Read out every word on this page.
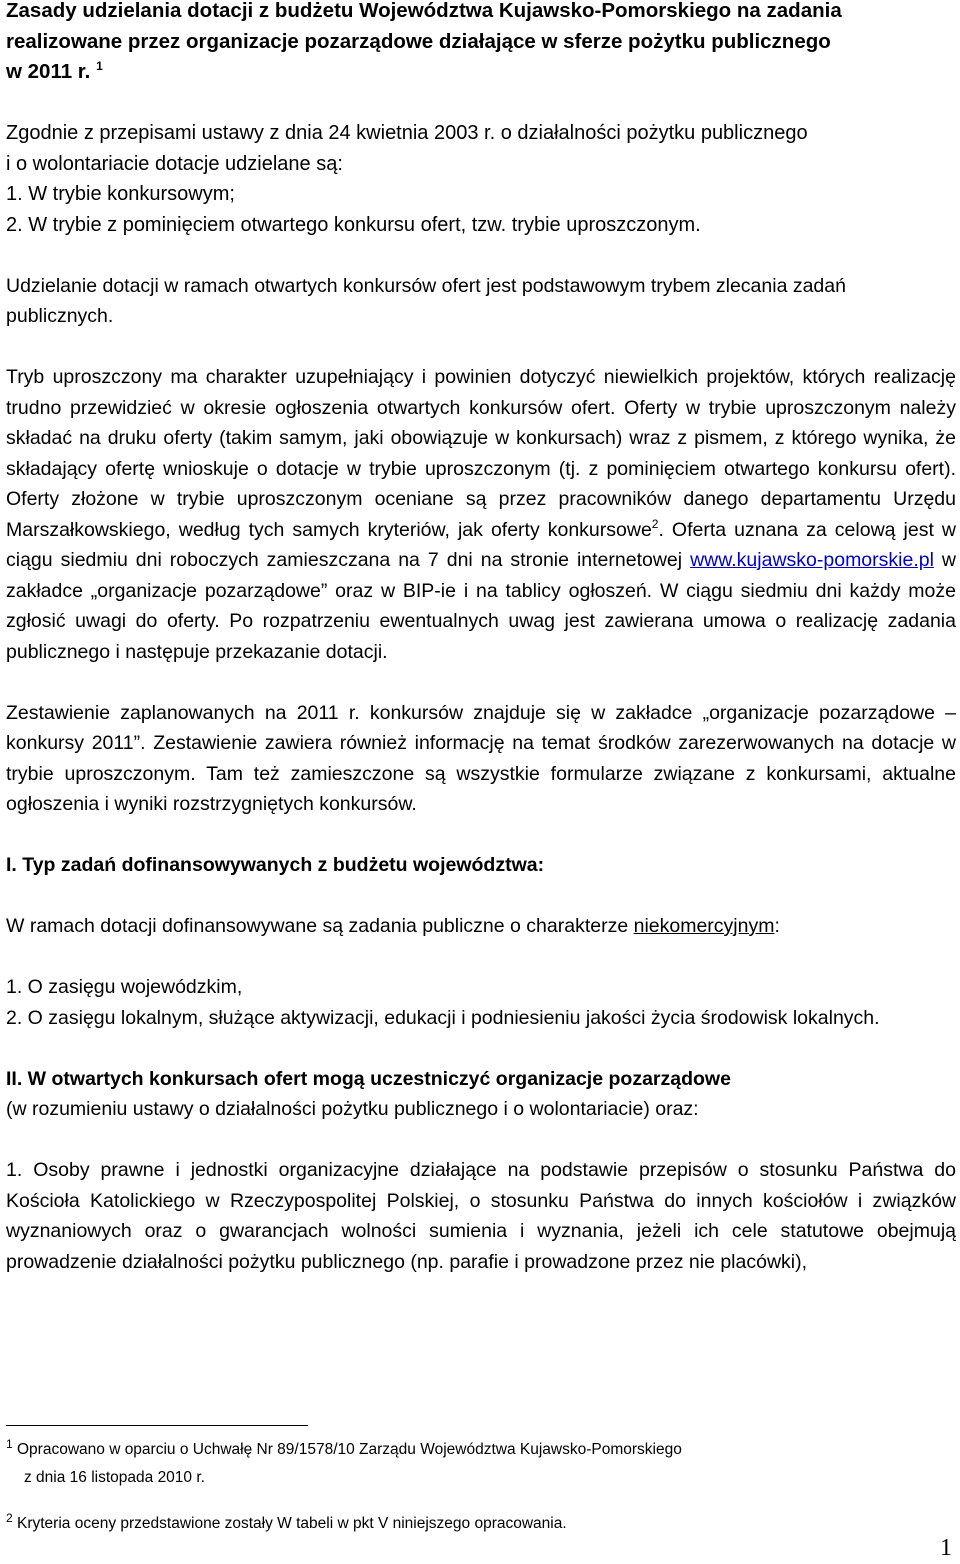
Zasady udzielania dotacji z budżetu Województwa Kujawsko-Pomorskiego na zadania
realizowane przez organizacje pozarządowe działające w sferze pożytku publicznego
w 2011 r. $^1$

Zgodnie z przepisami ustawy z dnia 24 kwietnia 2003 r. o działalności pożytku publicznego
i o wolontariacie dotacje udzielane są:
1. W trybie konkursowym;
2. W trybie z pominięciem otwartego konkursu ofert, tzw. trybie uproszczonym.

Udzielanie dotacji w ramach otwartych konkursów ofert jest podstawowym trybem zlecania zadań publicznych.

Tryb uproszczony ma charakter uzupełniający i powinien dotyczyć niewielkich projektów, których realizację trudno przewidzieć w okresie ogłoszenia otwartych konkursów ofert. Oferty w trybie uproszczonym należy składać na druku oferty (takim samym, jaki obowiązuje w konkursach) wraz z pismem, z którego wynika, że składający ofertę wnioskuje o dotacje w trybie uproszczonym (tj. z pominięciem otwartego konkursu ofert). Oferty złożone w trybie uproszczonym oceniane są przez pracowników danego departamentu Urzędu Marszałkowskiego, według tych samych kryteriów, jak oferty konkursowe$^2$. Oferta uznana za celową jest w ciągu siedmiu dni roboczych zamieszczana na 7 dni na stronie internetowej www.kujawsko-pomorskie.pl w zakładce „organizacje pozarządowe” oraz w BIP-ie i na tablicy ogłoszeń. W ciągu siedmiu dni każdy może zgłosić uwagi do oferty. Po rozpatrzeniu ewentualnych uwag jest zawierana umowa o realizację zadania publicznego i następuje przekazanie dotacji.

Zestawienie zaplanowanych na 2011 r. konkursów znajduje się w zakładce „organizacje pozarządowe – konkursy 2011”. Zestawienie zawiera również informację na temat środków zarezerwowanych na dotacje w trybie uproszczonym. Tam też zamieszczone są wszystkie formularze związane z konkursami, aktualne ogłoszenia i wyniki rozstrzygniętych konkursów.

I. Typ zadań dofinansowywanych z budżetu województwa:

W ramach dotacji dofinansowywane są zadania publiczne o charakterze niekomercyjnym:

1. O zasięgu wojewódzkim,

2. O zasięgu lokalnym, służące aktywizacji, edukacji i podniesieniu jakości życia środowisk lokalnych.

II. W otwartych konkursach ofert mogą uczestniczyć organizacje pozarządowe

(w rozumieniu ustawy o działalności pożytku publicznego i o wolontariacie) oraz:

1. Osoby prawne i jednostki organizacyjne działające na podstawie przepisów o stosunku Państwa do Kościoła Katolickiego w Rzeczypospolitej Polskiej, o stosunku Państwa do innych kościołów i związków wyznaniowych oraz o gwarancjach wolności sumienia i wyznania, jeżeli ich cele statutowe obejmują prowadzenie działalności pożytku publicznego (np. parafie i prowadzone przez nie placówki),

$^1$ Opracowano w oparciu o Uchwałę Nr 89/1578/10 Zarządu Województwa Kujawsko-Pomorskiego
z dnia 16 listopada 2010 r.
$^2$ Kryteria oceny przedstawione zostały W tabeli w pkt V niniejszego opracowania.
1
